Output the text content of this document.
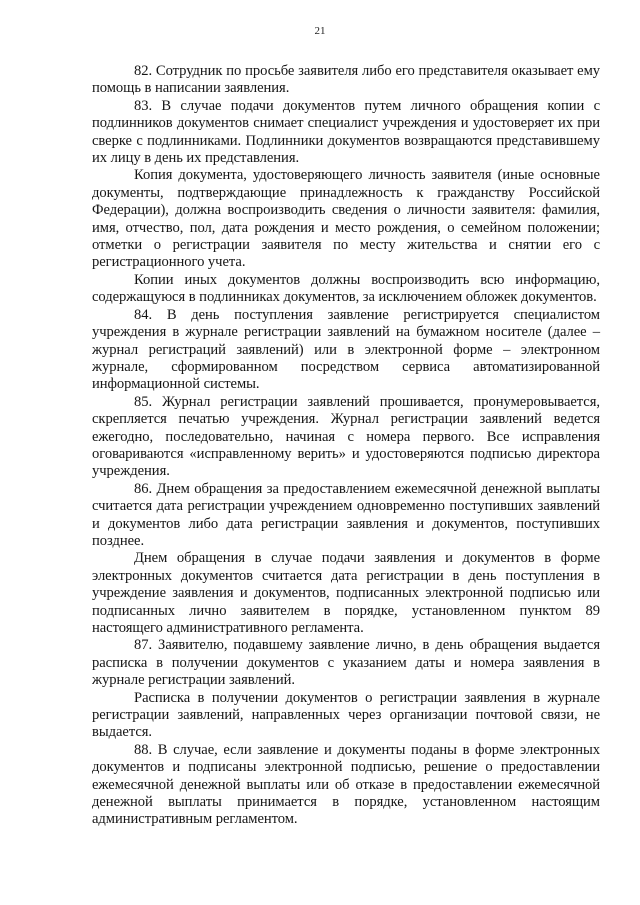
21

82. Сотрудник по просьбе заявителя либо его представителя оказывает ему помощь в написании заявления.

83. В случае подачи документов путем личного обращения копии с подлинников документов снимает специалист учреждения и удостоверяет их при сверке с подлинниками. Подлинники документов возвращаются представившему их лицу в день их представления.

Копия документа, удостоверяющего личность заявителя (иные основные документы, подтверждающие принадлежность к гражданству Российской Федерации), должна воспроизводить сведения о личности заявителя: фамилия, имя, отчество, пол, дата рождения и место рождения, о семейном положении; отметки о регистрации заявителя по месту жительства и снятии его с регистрационного учета.

Копии иных документов должны воспроизводить всю информацию, содержащуюся в подлинниках документов, за исключением обложек документов.

84. В день поступления заявление регистрируется специалистом учреждения в журнале регистрации заявлений на бумажном носителе (далее – журнал регистраций заявлений) или в электронной форме – электронном журнале, сформированном посредством сервиса автоматизированной информационной системы.

85. Журнал регистрации заявлений прошивается, пронумеровывается, скрепляется печатью учреждения. Журнал регистрации заявлений ведется ежегодно, последовательно, начиная с номера первого. Все исправления оговариваются «исправленному верить» и удостоверяются подписью директора учреждения.

86. Днем обращения за предоставлением ежемесячной денежной выплаты считается дата регистрации учреждением одновременно поступивших заявлений и документов либо дата регистрации заявления и документов, поступивших позднее.

Днем обращения в случае подачи заявления и документов в форме электронных документов считается дата регистрации в день поступления в учреждение заявления и документов, подписанных электронной подписью или подписанных лично заявителем в порядке, установленном пунктом 89 настоящего административного регламента.

87. Заявителю, подавшему заявление лично, в день обращения выдается расписка в получении документов с указанием даты и номера заявления в журнале регистрации заявлений.

Расписка в получении документов о регистрации заявления в журнале регистрации заявлений, направленных через организации почтовой связи, не выдается.

88. В случае, если заявление и документы поданы в форме электронных документов и подписаны электронной подписью, решение о предоставлении ежемесячной денежной выплаты или об отказе в предоставлении ежемесячной денежной выплаты принимается в порядке, установленном настоящим административным регламентом.
